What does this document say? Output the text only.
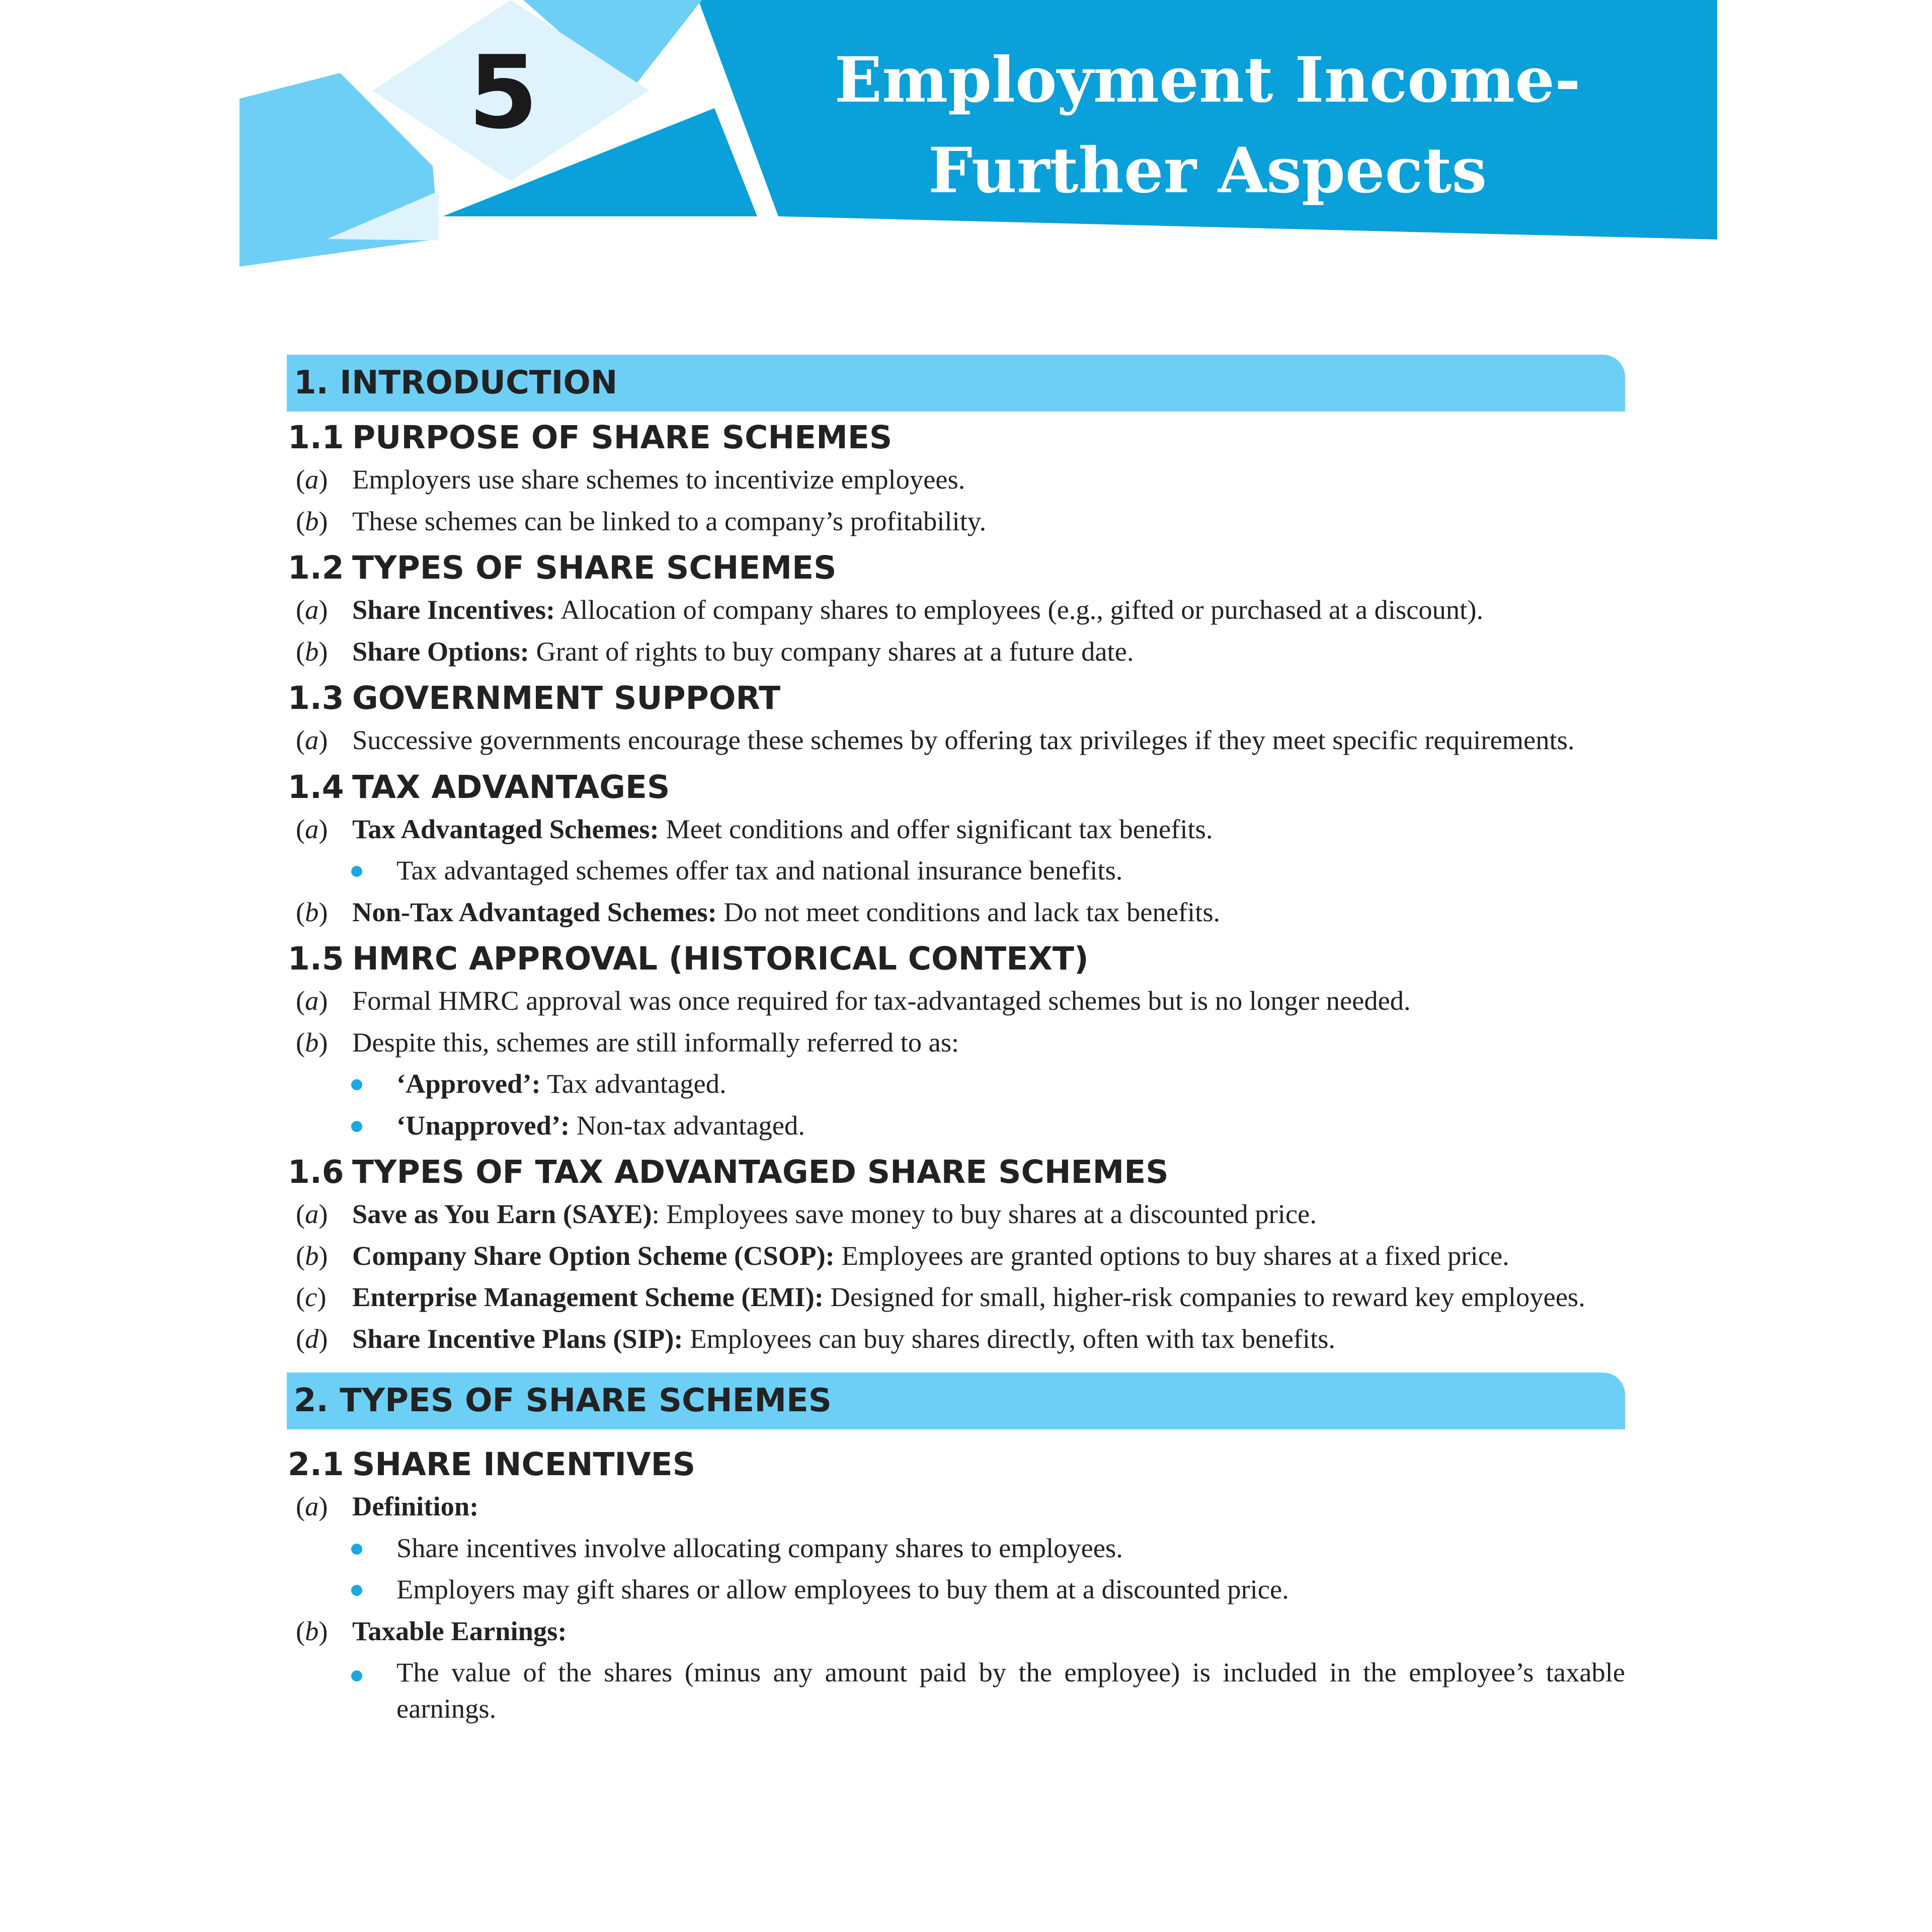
5	Employment Income-
Further Aspects
1. INTRODUCTION
1.1 PURPOSE OF SHARE SCHEMES
(a) Employers use share schemes to incentivize employees.
(b) These schemes can be linked to a company’s profitability.
1.2 TYPES OF SHARE SCHEMES
(a) Share Incentives: Allocation of company shares to employees (e.g., gifted or purchased at a discount).
(b) Share Options: Grant of rights to buy company shares at a future date.
1.3 GOVERNMENT SUPPORT
(a) Successive governments encourage these schemes by offering tax privileges if they meet specific requirements.
1.4 TAX ADVANTAGES
(a) Tax Advantaged Schemes: Meet conditions and offer significant tax benefits.
Tax advantaged schemes offer tax and national insurance benefits.
(b) Non-Tax Advantaged Schemes: Do not meet conditions and lack tax benefits.
1.5 HMRC APPROVAL (HISTORICAL CONTEXT)
(a) Formal HMRC approval was once required for tax-advantaged schemes but is no longer needed.
(b) Despite this, schemes are still informally referred to as:
‘Approved’: Tax advantaged.
‘Unapproved’: Non-tax advantaged.
1.6 TYPES OF TAX ADVANTAGED SHARE SCHEMES
(a) Save as You Earn (SAYE): Employees save money to buy shares at a discounted price.
(b) Company Share Option Scheme (CSOP): Employees are granted options to buy shares at a fixed price.
(c) Enterprise Management Scheme (EMI): Designed for small, higher-risk companies to reward key employees.
(d) Share Incentive Plans (SIP): Employees can buy shares directly, often with tax benefits.
2. TYPES OF SHARE SCHEMES
2.1 SHARE INCENTIVES
(a) Definition:
Share incentives involve allocating company shares to employees.
Employers may gift shares or allow employees to buy them at a discounted price.
(b) Taxable Earnings:
The value of the shares (minus any amount paid by the employee) is included in the employee’s taxable earnings.
